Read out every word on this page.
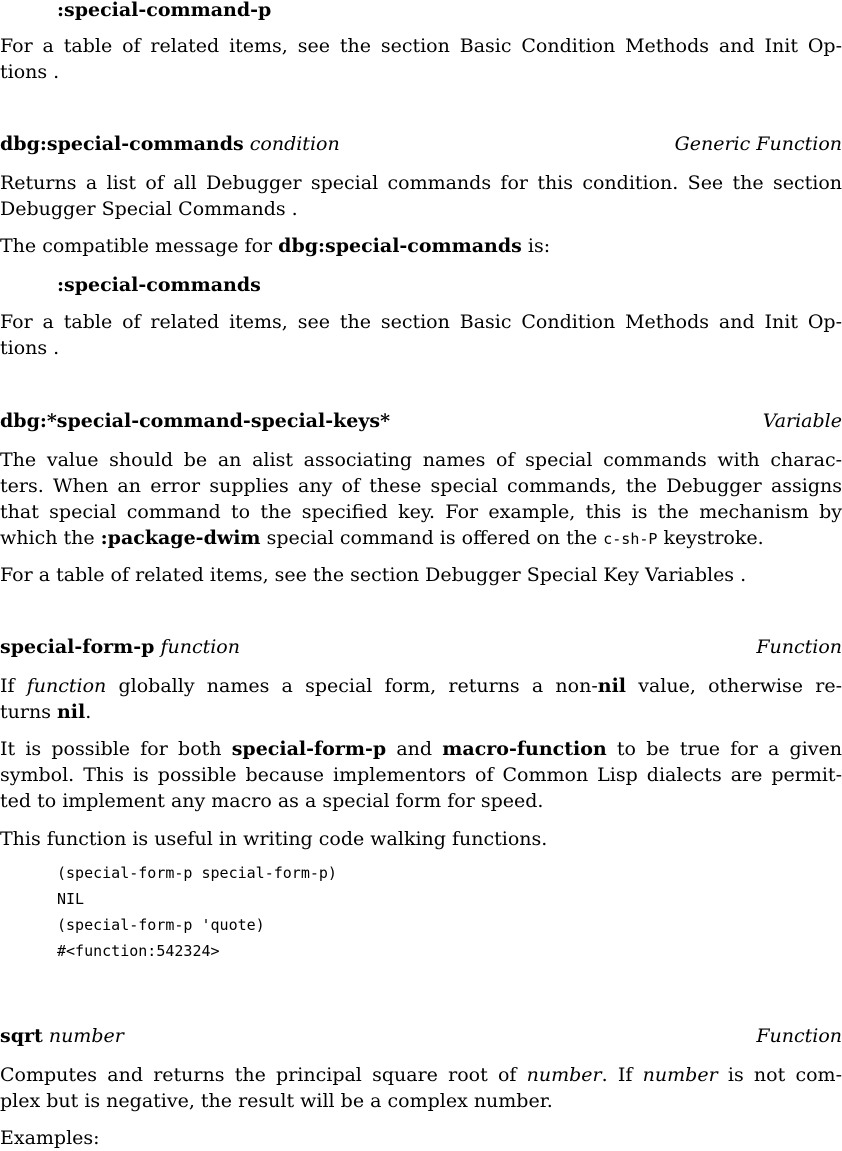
:special-command-p
For a table of related items, see the section Basic Condition Methods and Init Op-
tions .
dbg:special-commands condition	Generic Function
Returns a list of all Debugger special commands for this condition. See the section
Debugger Special Commands .
The compatible message for dbg:special-commands is:
:special-commands
For a table of related items, see the section Basic Condition Methods and Init Op-
tions .
dbg:*special-command-special-keys*	Variable
The value should be an alist associating names of special commands with charac-
ters. When an error supplies any of these special commands, the Debugger assigns
that special command to the specified key. For example, this is the mechanism by
which the :package-dwim special command is offered on the c-sh-P keystroke.
For a table of related items, see the section Debugger Special Key Variables .
special-form-p function	Function
If function globally names a special form, returns a non-nil value, otherwise re-
turns nil.
It is possible for both special-form-p and macro-function to be true for a given
symbol. This is possible because implementors of Common Lisp dialects are permit-
ted to implement any macro as a special form for speed.
This function is useful in writing code walking functions.
(special-form-p special-form-p)
NIL
(special-form-p 'quote)
#<function:542324>
sqrt number	Function
Computes and returns the principal square root of number. If number is not com-
plex but is negative, the result will be a complex number.
Examples:
